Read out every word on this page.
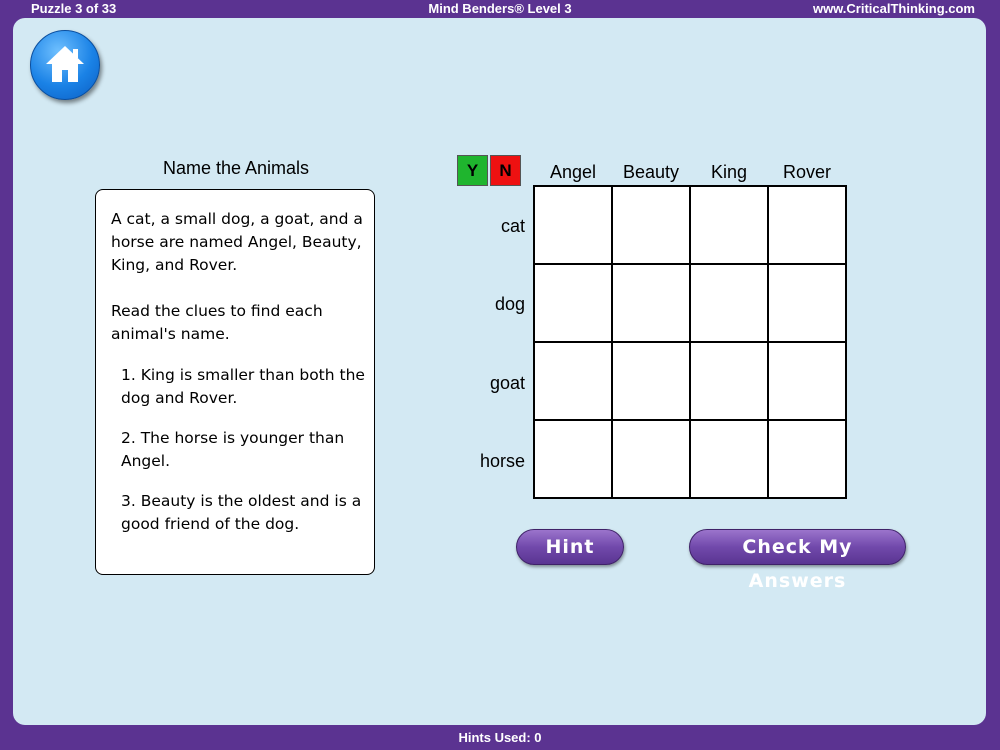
Puzzle 3 of 33	Mind Benders® Level 3	www.CriticalThinking.com
Name the Animals

A cat, a small dog, a goat, and a horse are named Angel, Beauty, King, and Rover.

Read the clues to find each animal's name.

1. King is smaller than both the dog and Rover.

2. The horse is younger than Angel.

3. Beauty is the oldest and is a good friend of the dog.

Y	N	Angel	Beauty	King	Rover
cat
dog
goat
horse
Hint	Check My Answers
Hints Used: 0
